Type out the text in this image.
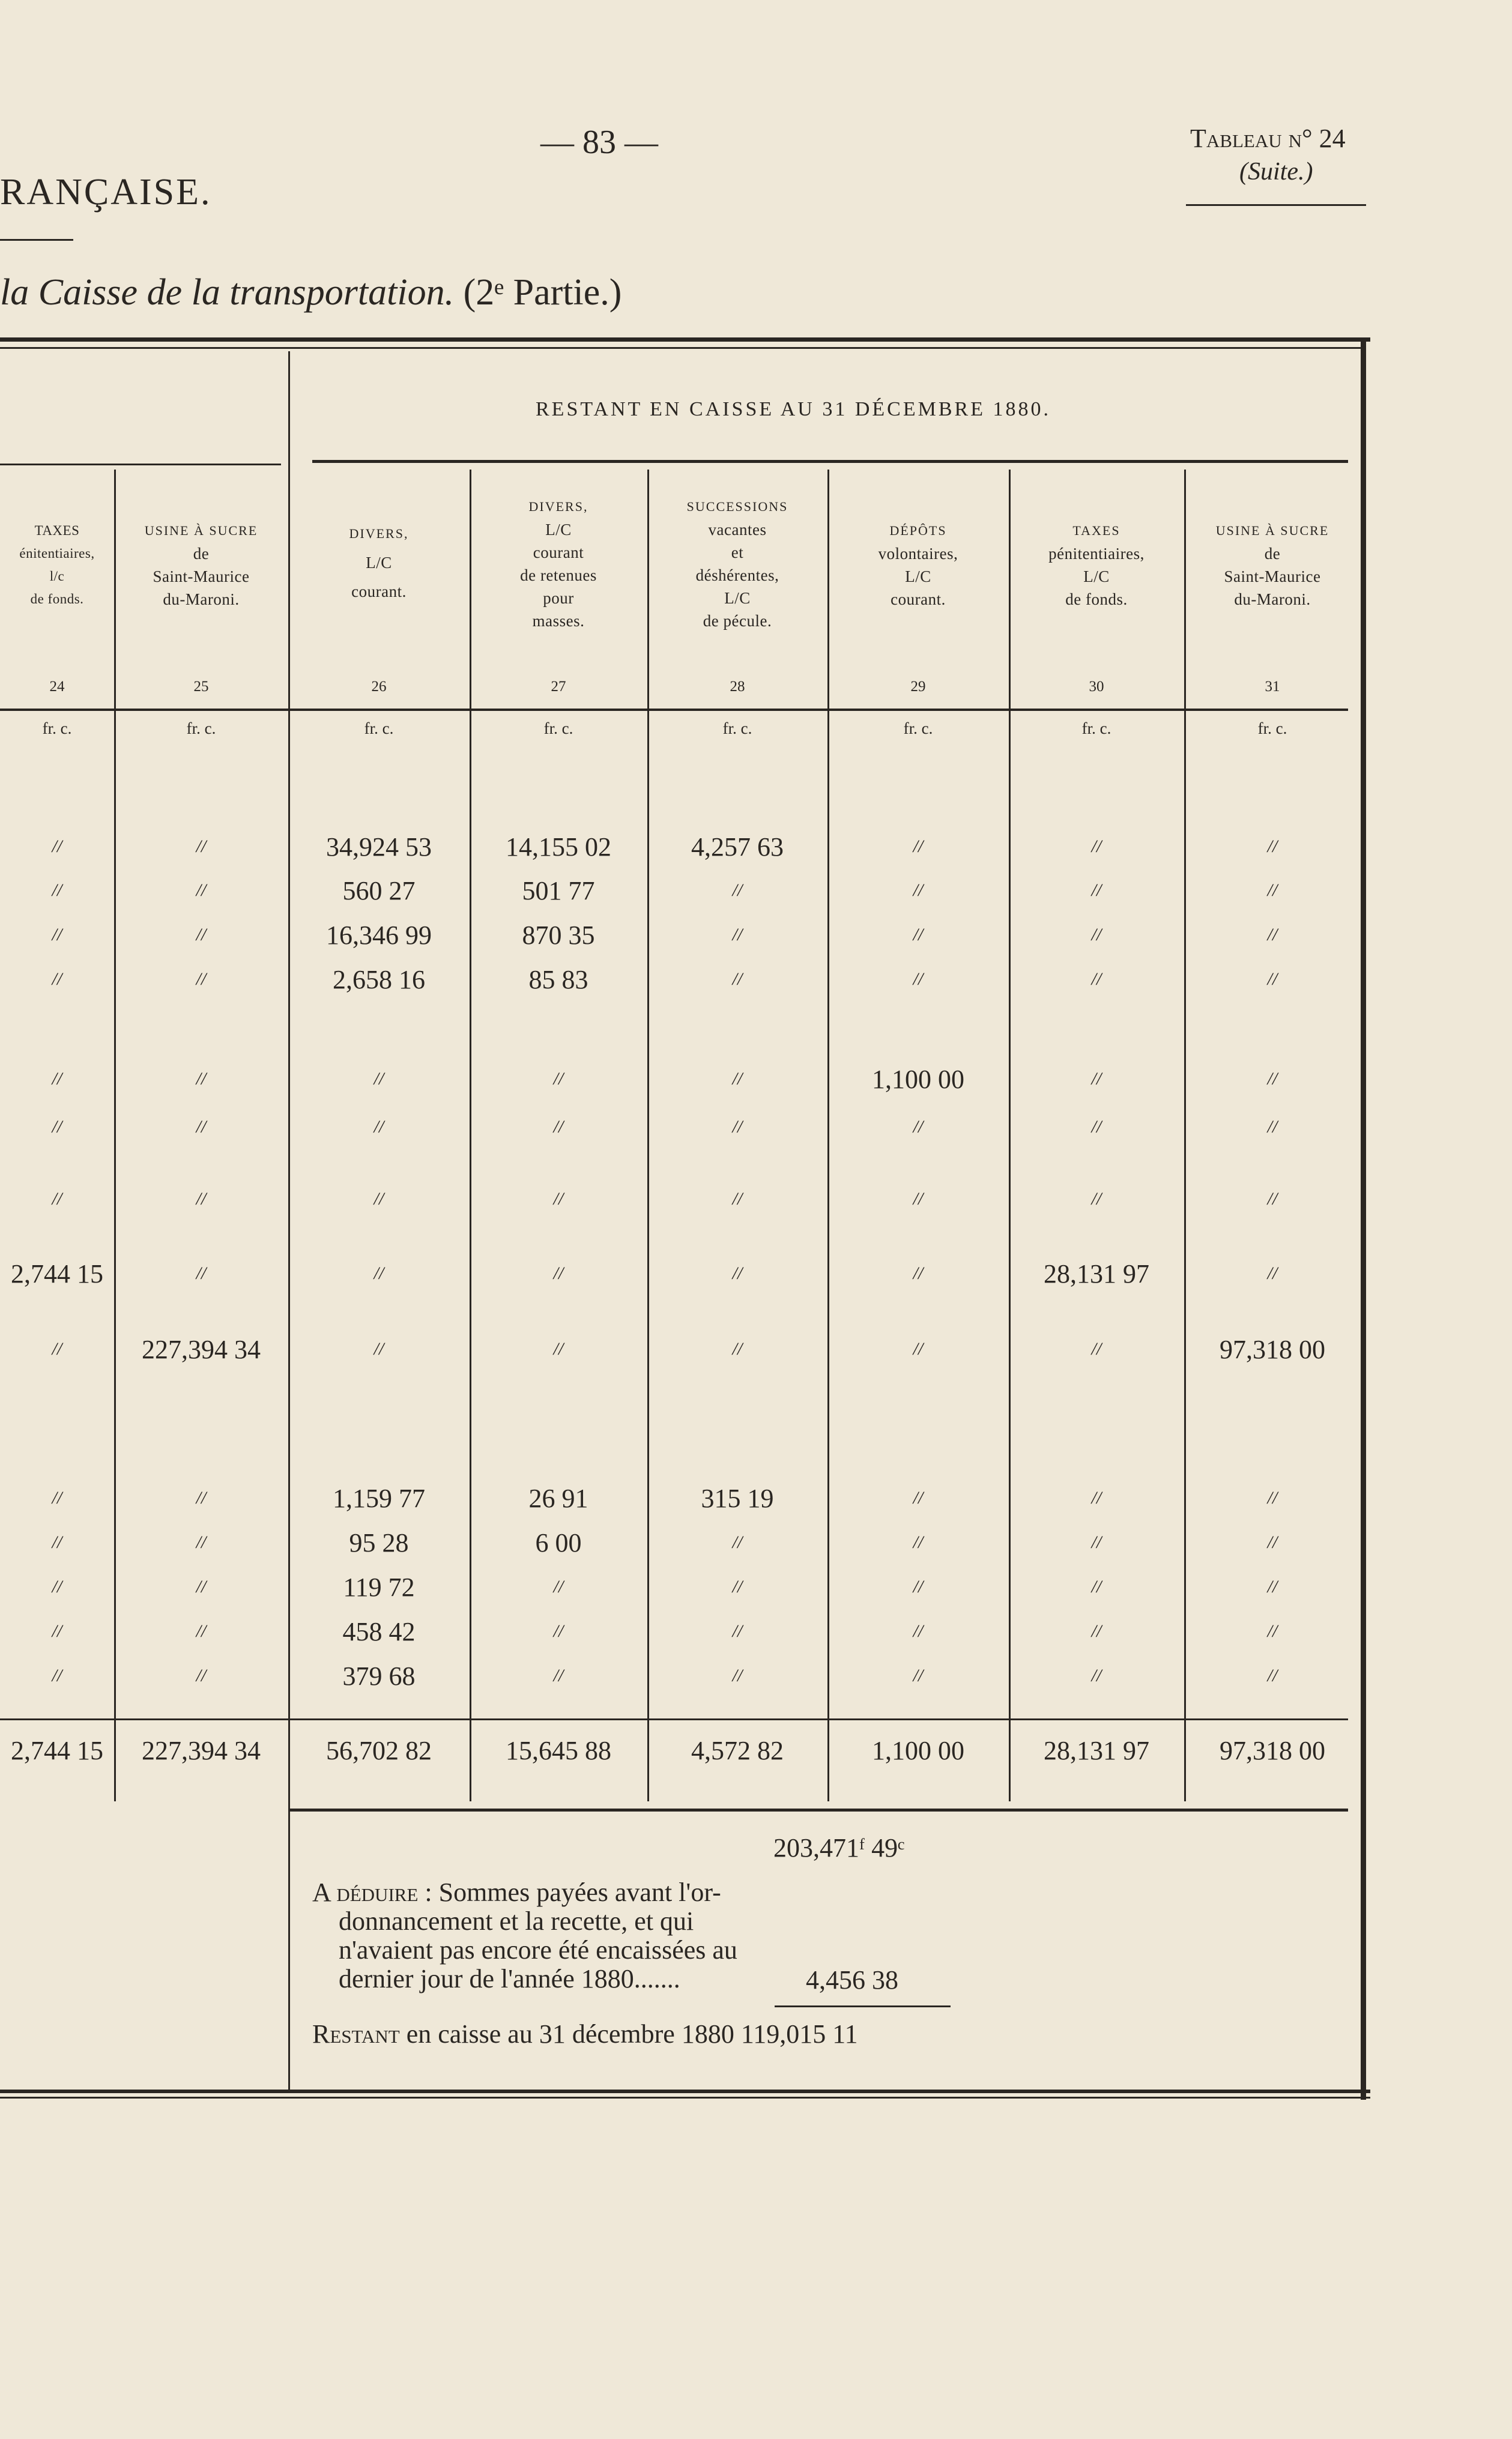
— 83 —
RANÇAISE.
Tableau n° 24
(Suite.)
la Caisse de la transportation. (2ᵉ Partie.)
RESTANT EN CAISSE AU 31 DÉCEMBRE 1880.
TAXES
énitentiaires,
l/c
de fonds.
USINE À SUCRE
de
Saint-Maurice
du-Maroni.
DIVERS,
L/C
courant.
DIVERS,
L/C
courant
de retenues
pour
masses.
SUCCESSIONS
vacantes
et
déshérentes,
L/C
de pécule.
DÉPÔTS
volontaires,
L/C
courant.
TAXES
pénitentiaires,
L/C
de fonds.
USINE À SUCRE
de
Saint-Maurice
du-Maroni.
24	25	26	27	28	29	30	31
fr. c.	fr. c.	fr. c.	fr. c.	fr. c.	fr. c.	fr. c.	fr. c.
//	//	34,924 53	14,155 02	4,257 63	//	//	//
//	//	560 27	501 77	//	//	//	//
//	//	16,346 99	870 35	//	//	//	//
//	//	2,658 16	85 83	//	//	//	//
//	//	//	//	//	1,100 00	//	//
//	//	//	//	//	//	//	//
//	//	//	//	//	//	//	//
2,744 15	//	//	//	//	//	28,131 97	//
//	227,394 34	//	//	//	//	//	97,318 00
//	//	1,159 77	26 91	315 19	//	//	//
//	//	95 28	6 00	//	//	//	//
//	//	119 72	//	//	//	//	//
//	//	458 42	//	//	//	//	//
//	//	379 68	//	//	//	//	//
2,744 15	227,394 34	56,702 82	15,645 88	4,572 82	1,100 00	28,131 97	97,318 00
203,471ᶠ 49ᶜ
A déduire : Sommes payées avant l'or-
donnancement et la recette, et qui
n'avaient pas encore été encaissées au
dernier jour de l'année 1880.......	4,456 38
Restant en caisse au 31 décembre 1880 119,015 11
